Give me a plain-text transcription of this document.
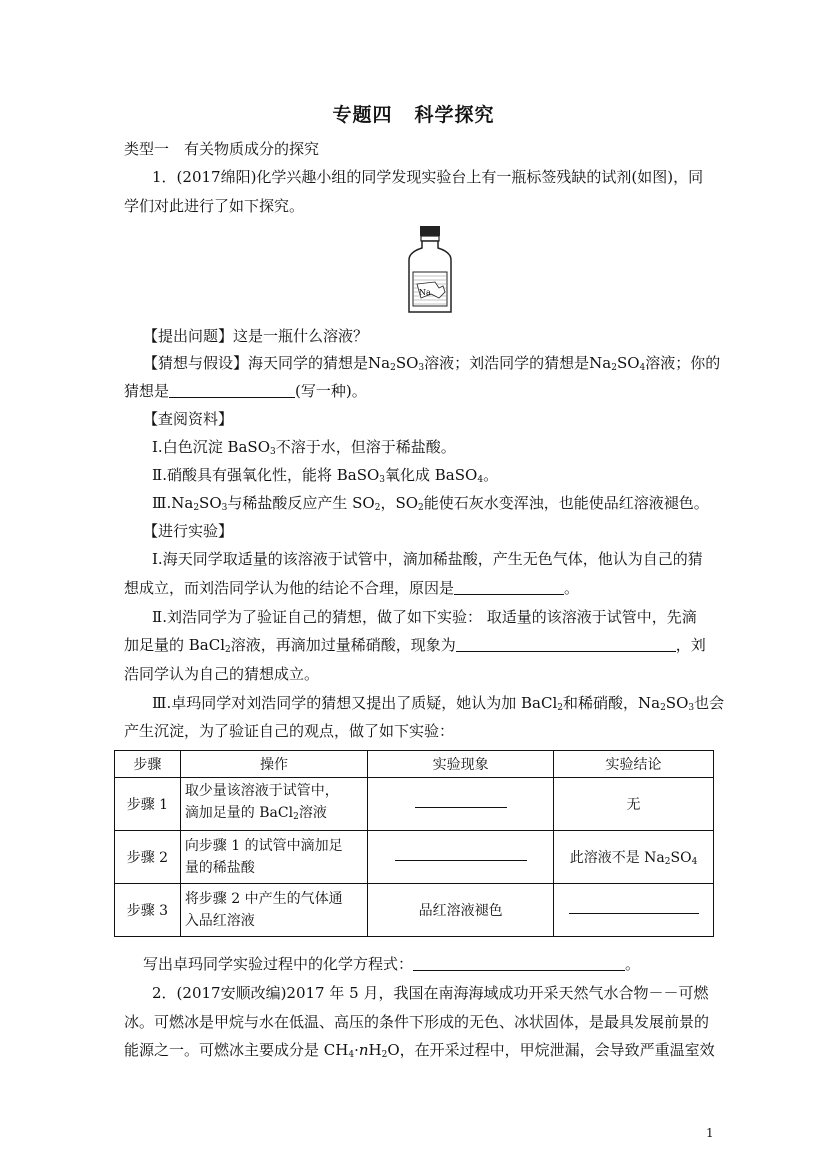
专题四 科学探究
类型一　有关物质成分的探究
1．(2017绵阳)化学兴趣小组的同学发现实验台上有一瓶标签残缺的试剂(如图)，同
学们对此进行了如下探究。
Na
【提出问题】这是一瓶什么溶液？
【猜想与假设】海天同学的猜想是$Na_2SO_3$溶液；刘浩同学的猜想是$Na_2SO_4$溶液；你的
猜想是	(写一种)。
【查阅资料】
Ⅰ.白色沉淀 BaSO$_3$不溶于水，但溶于稀盐酸。
Ⅱ.硝酸具有强氧化性，能将 BaSO$_3$氧化成 BaSO$_4$。
$Ⅲ.Na_2SO_3$与稀盐酸反应产生 $SO_2$，$SO_2$能使石灰水变浑浊，也能使品红溶液褪色。
【进行实验】
Ⅰ.海天同学取适量的该溶液于试管中，滴加稀盐酸，产生无色气体，他认为自己的猜
想成立，而刘浩同学认为他的结论不合理，原因是	。
Ⅱ.刘浩同学为了验证自己的猜想，做了如下实验： 取适量的该溶液于试管中，先滴
加足量的 BaCl$_2$溶液，再滴加过量稀硝酸，现象为	，刘
浩同学认为自己的猜想成立。
Ⅲ.卓玛同学对刘浩同学的猜想又提出了质疑，她认为加 BaCl$_2$和稀硝酸，$Na_2SO_3$也会
产生沉淀，为了验证自己的观点，做了如下实验：
步骤	操作	实验现象	实验结论
步骤 1	取少量该溶液于试管中，
滴加足量的 BaCl$_2$溶液		无
步骤 2	向步骤 1 的试管中滴加足
量的稀盐酸		此溶液不是 $Na_2SO_4$
步骤 3	将步骤 2 中产生的气体通
入品红溶液	品红溶液褪色	
写出卓玛同学实验过程中的化学方程式：	。
2．(2017安顺改编)2017 年 5 月，我国在南海海域成功开采天然气水合物－－可燃
冰。可燃冰是甲烷与水在低温、高压的条件下形成的无色、冰状固体，是最具发展前景的
能源之一。可燃冰主要成分是 $CH_4\cdot nH_2O$，在开采过程中，甲烷泄漏，会导致严重温室效
1
